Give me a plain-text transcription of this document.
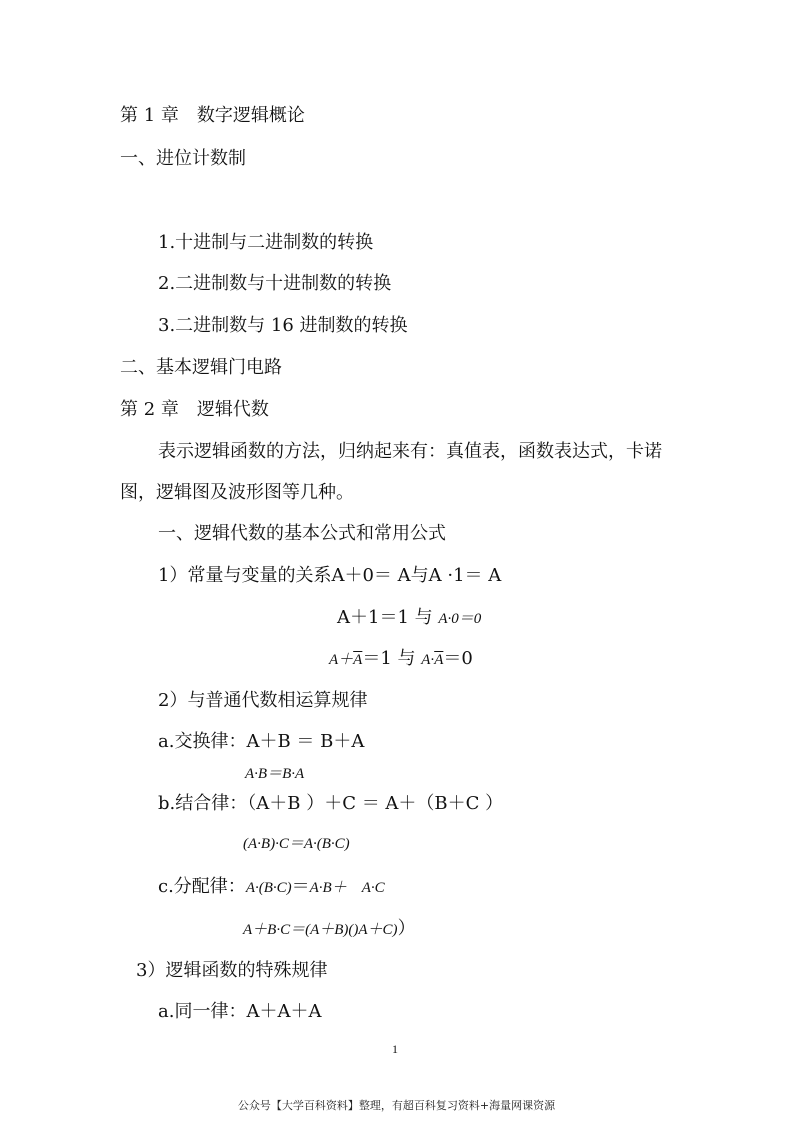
第 1 章　数字逻辑概论
一、进位计数制
1.十进制与二进制数的转换
2.二进制数与十进制数的转换
3.二进制数与 16 进制数的转换
二、基本逻辑门电路
第 2 章　逻辑代数
表示逻辑函数的方法，归纳起来有：真值表，函数表达式，卡诺
图，逻辑图及波形图等几种。
一、逻辑代数的基本公式和常用公式
1）常量与变量的关系A＋0＝ A与A ·1＝ A
A＋1＝1 与 A·0＝0
$A+\overline{A}=1$ 与 $A\cdot\overline{A}=0$
2）与普通代数相运算规律
a.交换律：A＋B ＝ B＋A
A·B＝B·A
b.结合律：（A＋B ）＋C ＝ A＋（B＋C ）
(A·B)·C＝A·(B·C)
c.分配律：A·(B·C)＝A·B＋　A·C
A＋B·C＝(A＋B)()A＋C)）
3）逻辑函数的特殊规律
a.同一律：A＋A＋A
1
公众号【大学百科资料】整理，有超百科复习资料+海量网课资源
